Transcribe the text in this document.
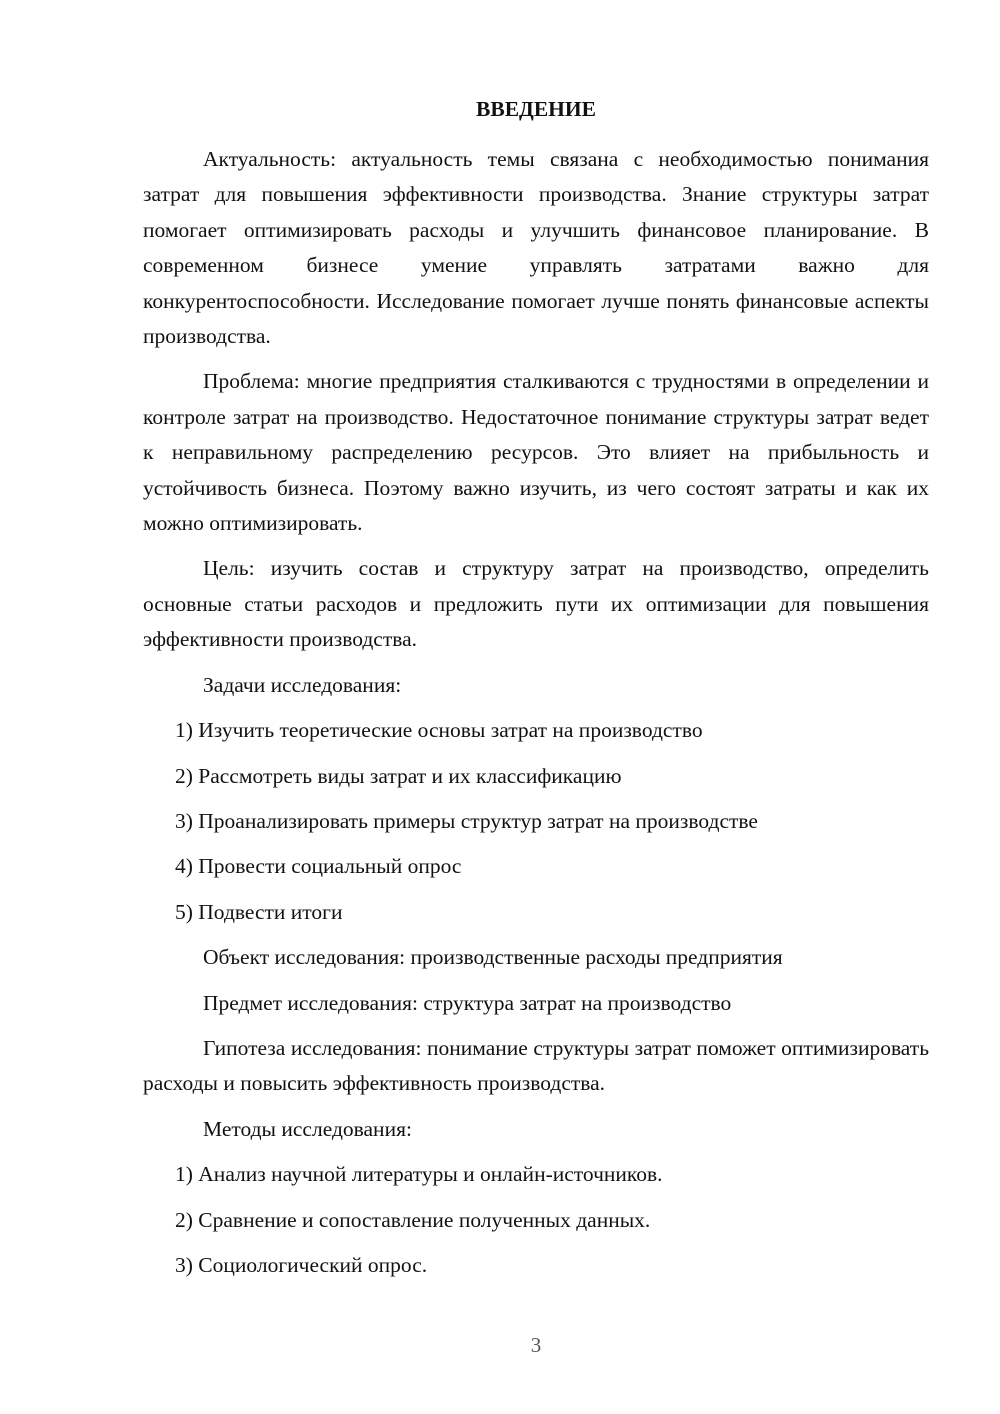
ВВЕДЕНИЕ

Актуальность: актуальность темы связана с необходимостью понимания затрат для повышения эффективности производства. Знание структуры затрат помогает оптимизировать расходы и улучшить финансовое планирование. В современном бизнесе умение управлять затратами важно для конкурентоспособности. Исследование помогает лучше понять финансовые аспекты производства.

Проблема: многие предприятия сталкиваются с трудностями в определении и контроле затрат на производство. Недостаточное понимание структуры затрат ведет к неправильному распределению ресурсов. Это влияет на прибыльность и устойчивость бизнеса. Поэтому важно изучить, из чего состоят затраты и как их можно оптимизировать.

Цель: изучить состав и структуру затрат на производство, определить основные статьи расходов и предложить пути их оптимизации для повышения эффективности производства.

Задачи исследования:
1) Изучить теоретические основы затрат на производство
2) Рассмотреть виды затрат и их классификацию
3) Проанализировать примеры структур затрат на производстве
4) Провести социальный опрос
5) Подвести итоги
Объект исследования: производственные расходы предприятия
Предмет исследования: структура затрат на производство

Гипотеза исследования: понимание структуры затрат поможет оптимизировать расходы и повысить эффективность производства.

Методы исследования:
1) Анализ научной литературы и онлайн-источников.
2) Сравнение и сопоставление полученных данных.
3) Социологический опрос.
3
